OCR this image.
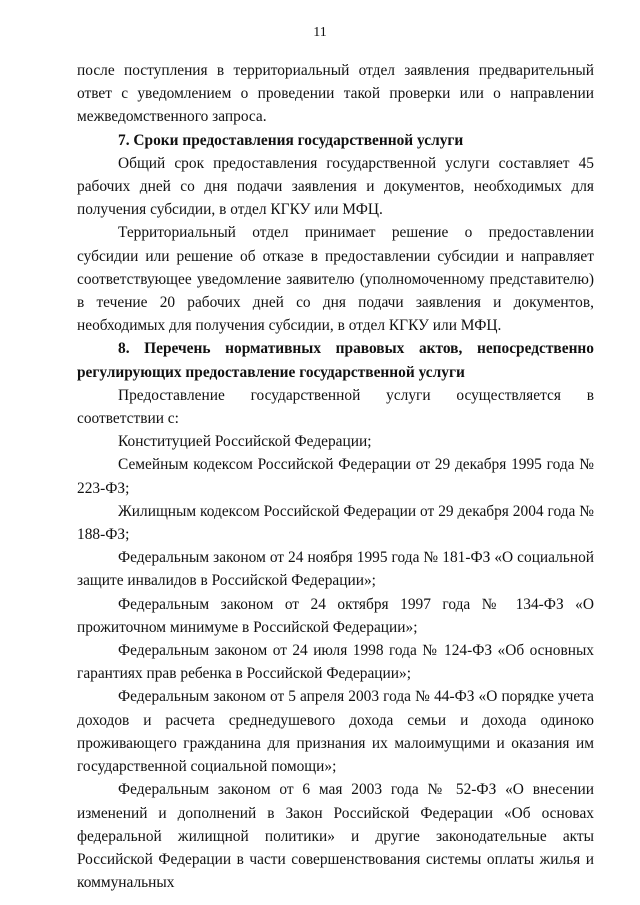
11

после поступления в территориальный отдел заявления предварительный ответ с уведомлением о проведении такой проверки или о направлении межведомственного запроса.

7. Сроки предоставления государственной услуги

Общий срок предоставления государственной услуги составляет 45 рабочих дней со дня подачи заявления и документов, необходимых для получения субсидии, в отдел КГКУ или МФЦ.

Территориальный отдел принимает решение о предоставлении субсидии или решение об отказе в предоставлении субсидии и направляет соответствующее уведомление заявителю (уполномоченному представителю) в течение 20 рабочих дней со дня подачи заявления и документов, необходимых для получения субсидии, в отдел КГКУ или МФЦ.

8. Перечень нормативных правовых актов, непосредственно регулирующих предоставление государственной услуги

Предоставление государственной услуги осуществляется в соответствии с:

Конституцией Российской Федерации;

Семейным кодексом Российской Федерации от 29 декабря 1995 года № 223-ФЗ;

Жилищным кодексом Российской Федерации от 29 декабря 2004 года № 188-ФЗ;

Федеральным законом от 24 ноября 1995 года № 181-ФЗ «О социальной защите инвалидов в Российской Федерации»;

Федеральным законом от 24 октября 1997 года № 134-ФЗ «О прожиточном минимуме в Российской Федерации»;

Федеральным законом от 24 июля 1998 года № 124-ФЗ «Об основных гарантиях прав ребенка в Российской Федерации»;

Федеральным законом от 5 апреля 2003 года № 44-ФЗ «О порядке учета доходов и расчета среднедушевого дохода семьи и дохода одиноко проживающего гражданина для признания их малоимущими и оказания им государственной социальной помощи»;

Федеральным законом от 6 мая 2003 года № 52-ФЗ «О внесении изменений и дополнений в Закон Российской Федерации «Об основах федеральной жилищной политики» и другие законодательные акты Российской Федерации в части совершенствования системы оплаты жилья и коммунальных
